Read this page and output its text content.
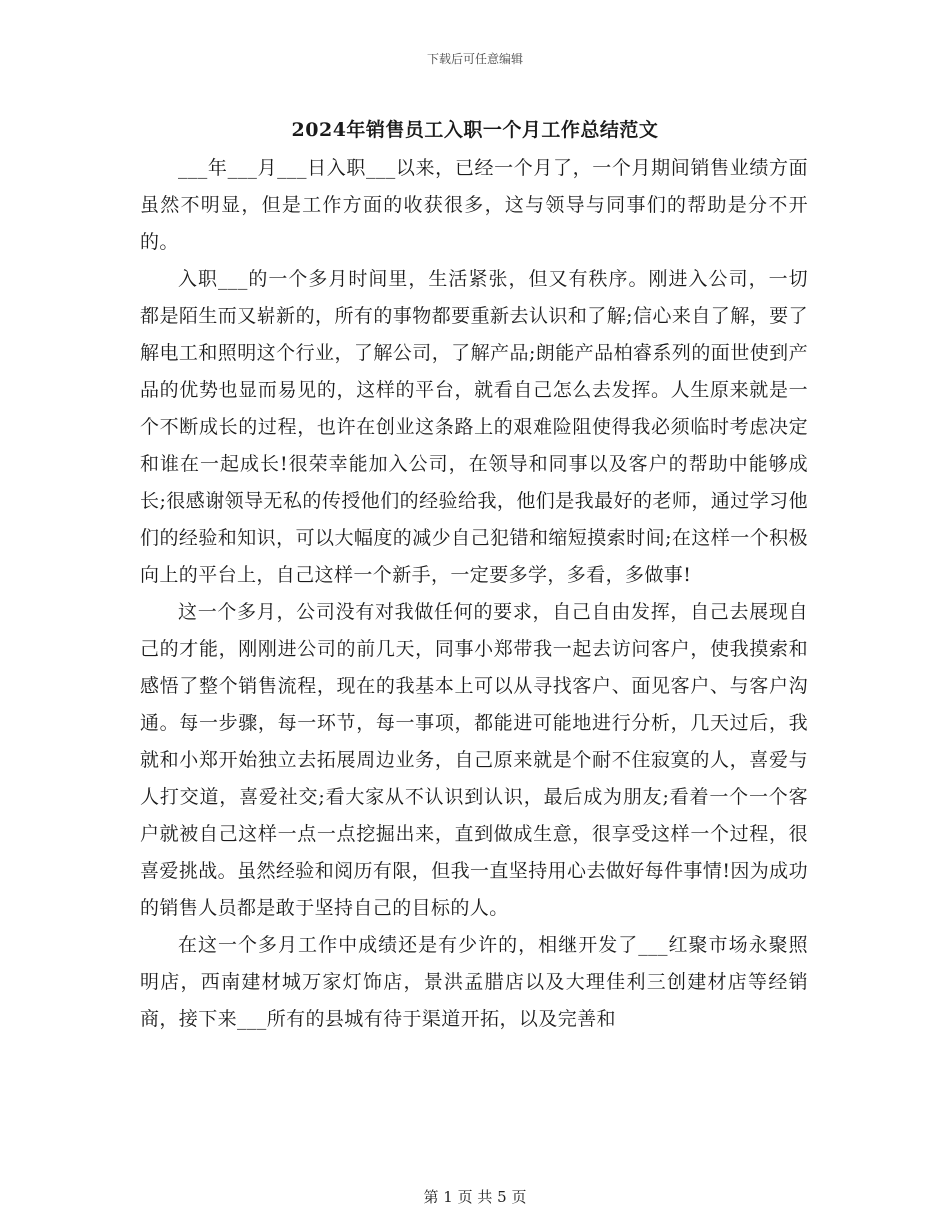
下载后可任意编辑
2024年销售员工入职一个月工作总结范文

___年___月___日入职___以来，已经一个月了，一个月期间销售业绩方面虽然不明显，但是工作方面的收获很多，这与领导与同事们的帮助是分不开的。

入职___的一个多月时间里，生活紧张，但又有秩序。刚进入公司，一切都是陌生而又崭新的，所有的事物都要重新去认识和了解;信心来自了解，要了解电工和照明这个行业，了解公司，了解产品;朗能产品柏睿系列的面世使到产品的优势也显而易见的，这样的平台，就看自己怎么去发挥。人生原来就是一个不断成长的过程，也许在创业这条路上的艰难险阻使得我必须临时考虑决定和谁在一起成长!很荣幸能加入公司，在领导和同事以及客户的帮助中能够成长;很感谢领导无私的传授他们的经验给我，他们是我最好的老师，通过学习他们的经验和知识，可以大幅度的减少自己犯错和缩短摸索时间;在这样一个积极向上的平台上，自己这样一个新手，一定要多学，多看，多做事!

这一个多月，公司没有对我做任何的要求，自己自由发挥，自己去展现自己的才能，刚刚进公司的前几天，同事小郑带我一起去访问客户，使我摸索和感悟了整个销售流程，现在的我基本上可以从寻找客户、面见客户、与客户沟通。每一步骤，每一环节，每一事项，都能进可能地进行分析，几天过后，我就和小郑开始独立去拓展周边业务，自己原来就是个耐不住寂寞的人，喜爱与人打交道，喜爱社交;看大家从不认识到认识，最后成为朋友;看着一个一个客户就被自己这样一点一点挖掘出来，直到做成生意，很享受这样一个过程，很喜爱挑战。虽然经验和阅历有限，但我一直坚持用心去做好每件事情!因为成功的销售人员都是敢于坚持自己的目标的人。

在这一个多月工作中成绩还是有少许的，相继开发了___红聚市场永聚照明店，西南建材城万家灯饰店，景洪孟腊店以及大理佳利三创建材店等经销商，接下来___所有的县城有待于渠道开拓，以及完善和

第 1 页 共 5 页
